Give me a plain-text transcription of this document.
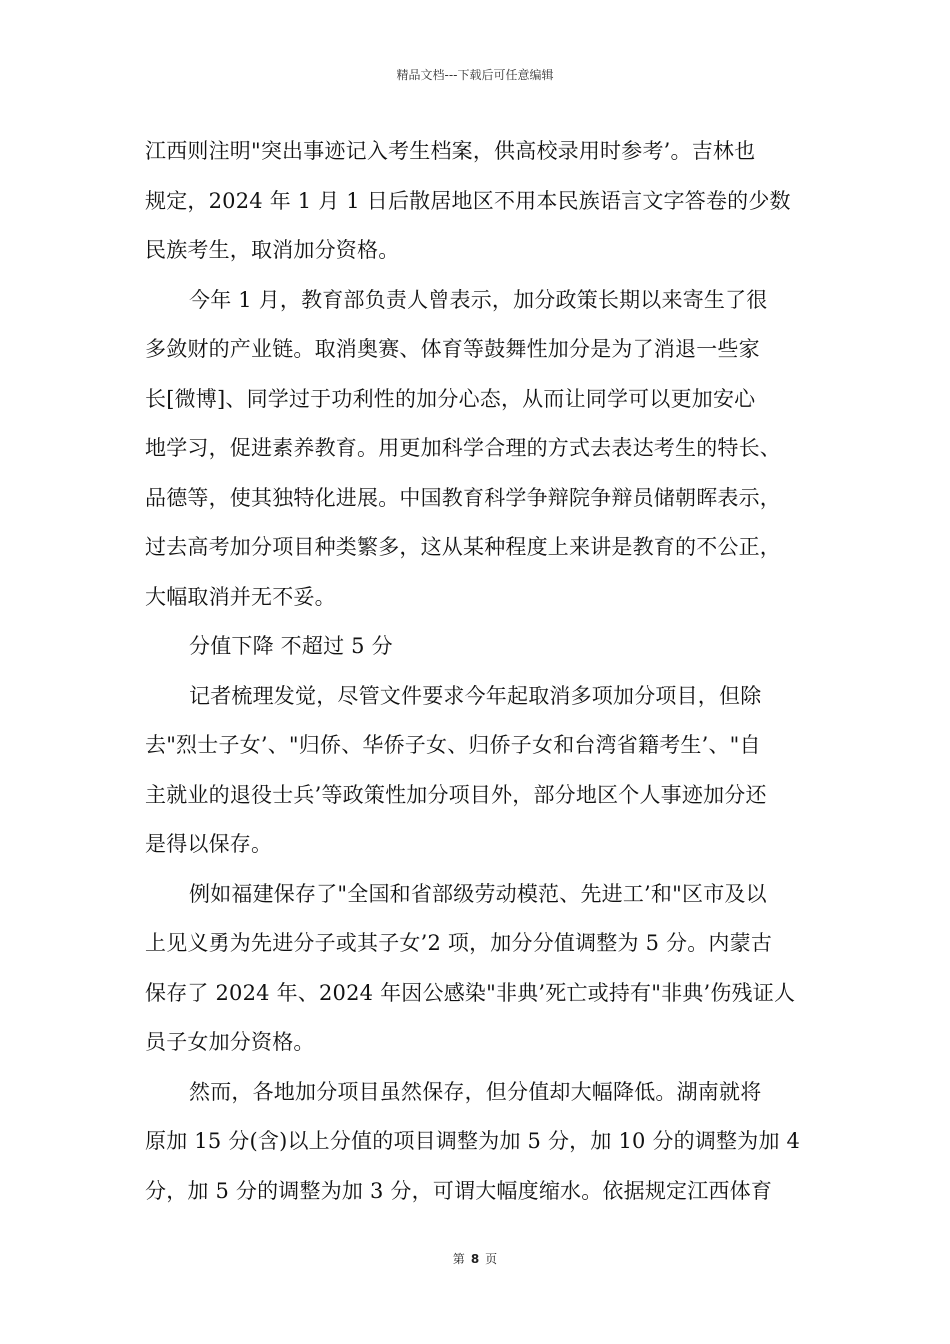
精品文档---下载后可任意编辑

江西则注明"突出事迹记入考生档案，供高校录用时参考’。吉林也
规定，2024 年 1 月 1 日后散居地区不用本民族语言文字答卷的少数
民族考生，取消加分资格。

今年 1 月，教育部负责人曾表示，加分政策长期以来寄生了很
多敛财的产业链。取消奥赛、体育等鼓舞性加分是为了消退一些家
长[微博]、同学过于功利性的加分心态，从而让同学可以更加安心
地学习，促进素养教育。用更加科学合理的方式去表达考生的特长、
品德等，使其独特化进展。中国教育科学争辩院争辩员储朝晖表示，
过去高考加分项目种类繁多，这从某种程度上来讲是教育的不公正，
大幅取消并无不妥。

分值下降 不超过 5 分

记者梳理发觉，尽管文件要求今年起取消多项加分项目，但除
去"烈士子女’、"归侨、华侨子女、归侨子女和台湾省籍考生’、"自
主就业的退役士兵’等政策性加分项目外，部分地区个人事迹加分还
是得以保存。

例如福建保存了"全国和省部级劳动模范、先进工’和"区市及以
上见义勇为先进分子或其子女’2 项，加分分值调整为 5 分。内蒙古
保存了 2024 年、2024 年因公感染"非典’死亡或持有"非典’伤残证人
员子女加分资格。

然而，各地加分项目虽然保存，但分值却大幅降低。湖南就将
原加 15 分(含)以上分值的项目调整为加 5 分，加 10 分的调整为加 4
分，加 5 分的调整为加 3 分，可谓大幅度缩水。依据规定江西体育

第 8 页
